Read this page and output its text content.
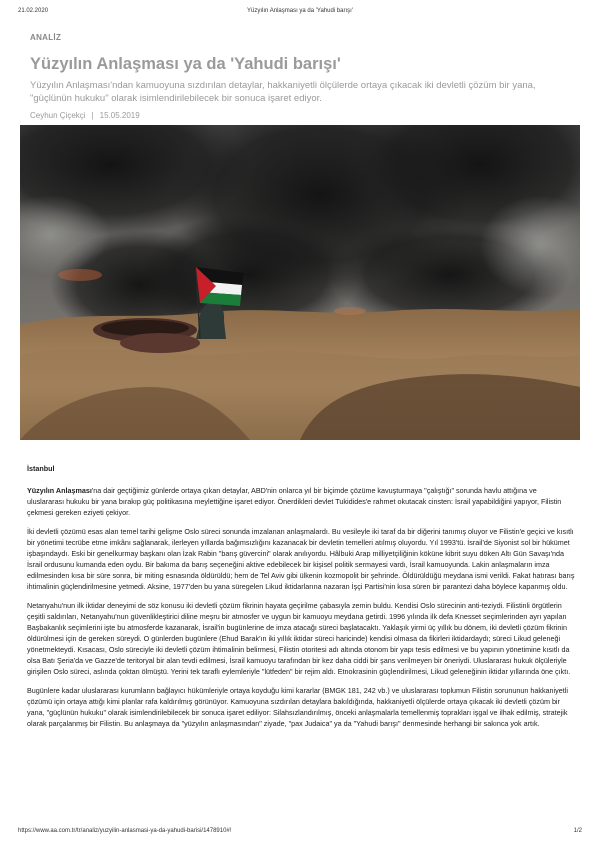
21.02.2020	Yüzyılın Anlaşması ya da 'Yahudi barışı'
ANALİZ
Yüzyılın Anlaşması ya da 'Yahudi barışı'
Yüzyılın Anlaşması'ndan kamuoyuna sızdırılan detaylar, hakkaniyetli ölçülerde ortaya çıkacak iki devletli çözüm bir yana, "güçlünün hukuku" olarak isimlendirilebilecek bir sonuca işaret ediyor.
Ceyhun Çiçekçi | 15.05.2019

İstanbul

Yüzyılın Anlaşması'na dair geçtiğimiz günlerde ortaya çıkan detaylar, ABD'nin onlarca yıl bir biçimde çözüme kavuşturmaya "çalıştığı" sorunda havlu attığına ve uluslararası hukuku bir yana bırakıp güç politikasına meylettiğine işaret ediyor. Önerdikleri devlet Tukidides'e rahmet okutacak cinsten: İsrail yapabildiğini yapıyor, Filistin çekmesi gereken eziyeti çekiyor.

İki devletli çözümü esas alan temel tarihi gelişme Oslo süreci sonunda imzalanan anlaşmalardı. Bu vesileyle iki taraf da bir diğerini tanımış oluyor ve Filistin'e geçici ve kısıtlı bir yönetimi tecrübe etme imkânı sağlanarak, ilerleyen yıllarda bağımsızlığını kazanacak bir devletin temelleri atılmış oluyordu. Yıl 1993'tü. İsrail'de Siyonist sol bir hükümet işbaşındaydı. Eski bir genelkurmay başkanı olan İzak Rabin "barış güvercini" olarak anılıyordu. Hâlbuki Arap milliyetçiliğinin köküne kibrit suyu döken Altı Gün Savaşı'nda İsrail ordusunu kumanda eden oydu. Bir bakıma da barış seçeneğini aktive edebilecek bir kişisel politik sermayesi vardı, İsrail kamuoyunda. Lakin anlaşmaların imza edilmesinden kısa bir süre sonra, bir miting esnasında öldürüldü; hem de Tel Aviv gibi ülkenin kozmopolit bir şehrinde. Öldürüldüğü meydana ismi verildi. Fakat hatırası barış ihtimalinin güçlendirilmesine yetmedi. Aksine, 1977'den bu yana süregelen Likud iktidarlarına nazaran İşçi Partisi'nin kısa süren bir parantezi daha böylece kapanmış oldu.

Netanyahu'nun ilk iktidar deneyimi de söz konusu iki devletli çözüm fikrinin hayata geçirilme çabasıyla zemin buldu. Kendisi Oslo sürecinin anti-teziydi. Filistinli örgütlerin çeşitli saldırıları, Netanyahu'nun güvenlikleştirici diline meşru bir atmosfer ve uygun bir kamuoyu meydana getirdi. 1996 yılında ilk defa Knesset seçimlerinden ayrı yapılan Başbakanlık seçimlerini işte bu atmosferde kazanarak, İsrail'in bugünlerine de imza atacağı süreci başlatacaktı. Yaklaşık yirmi üç yıllık bu dönem, iki devletli çözüm fikrinin öldürülmesi için de gereken süreydi. O günlerden bugünlere (Ehud Barak'ın iki yıllık iktidar süreci haricinde) kendisi olmasa da fikirleri iktidardaydı; süreci Likud geleneği yönetmekteydi. Kısacası, Oslo süreciyle iki devletli çözüm ihtimalinin belirmesi, Filistin otoritesi adı altında otonom bir yapı tesis edilmesi ve bu yapının yönetimine kısıtlı da olsa Batı Şeria'da ve Gazze'de teritoryal bir alan tevdi edilmesi, İsrail kamuoyu tarafından bir kez daha ciddi bir şans verilmeyen bir öneriydi. Uluslararası hukuk ölçüleriyle girişilen Oslo süreci, aslında çoktan ölmüştü. Yerini tek taraflı eylemleriyle "lütfeden" bir rejim aldı. Etnokrasinin güçlendirilmesi, Likud geleneğinin iktidar yıllarında öne çıktı.

Bugünlere kadar uluslararası kurumların bağlayıcı hükümleriyle ortaya koyduğu kimi kararlar (BMGK 181, 242 vb.) ve uluslararası toplumun Filistin sorununun hakkaniyetli çözümü için ortaya attığı kimi planlar rafa kaldırılmış görünüyor. Kamuoyuna sızdırılan detaylara bakıldığında, hakkaniyetli ölçülerde ortaya çıkacak iki devletli çözüm bir yana, "güçlünün hukuku" olarak isimlendirilebilecek bir sonuca işaret ediliyor: Silahsızlandırılmış, önceki anlaşmalarla temellenmiş toprakları işgal ve ilhak edilmiş, stratejik olarak parçalanmış bir Filistin. Bu anlaşmaya da "yüzyılın anlaşmasından" ziyade, "pax Judaica" ya da "Yahudi barışı" denmesinde herhangi bir sakınca yok artık.

https://www.aa.com.tr/tr/analiz/yuzyilin-anlasmasi-ya-da-yahudi-barisi/1478910#!	1/2
